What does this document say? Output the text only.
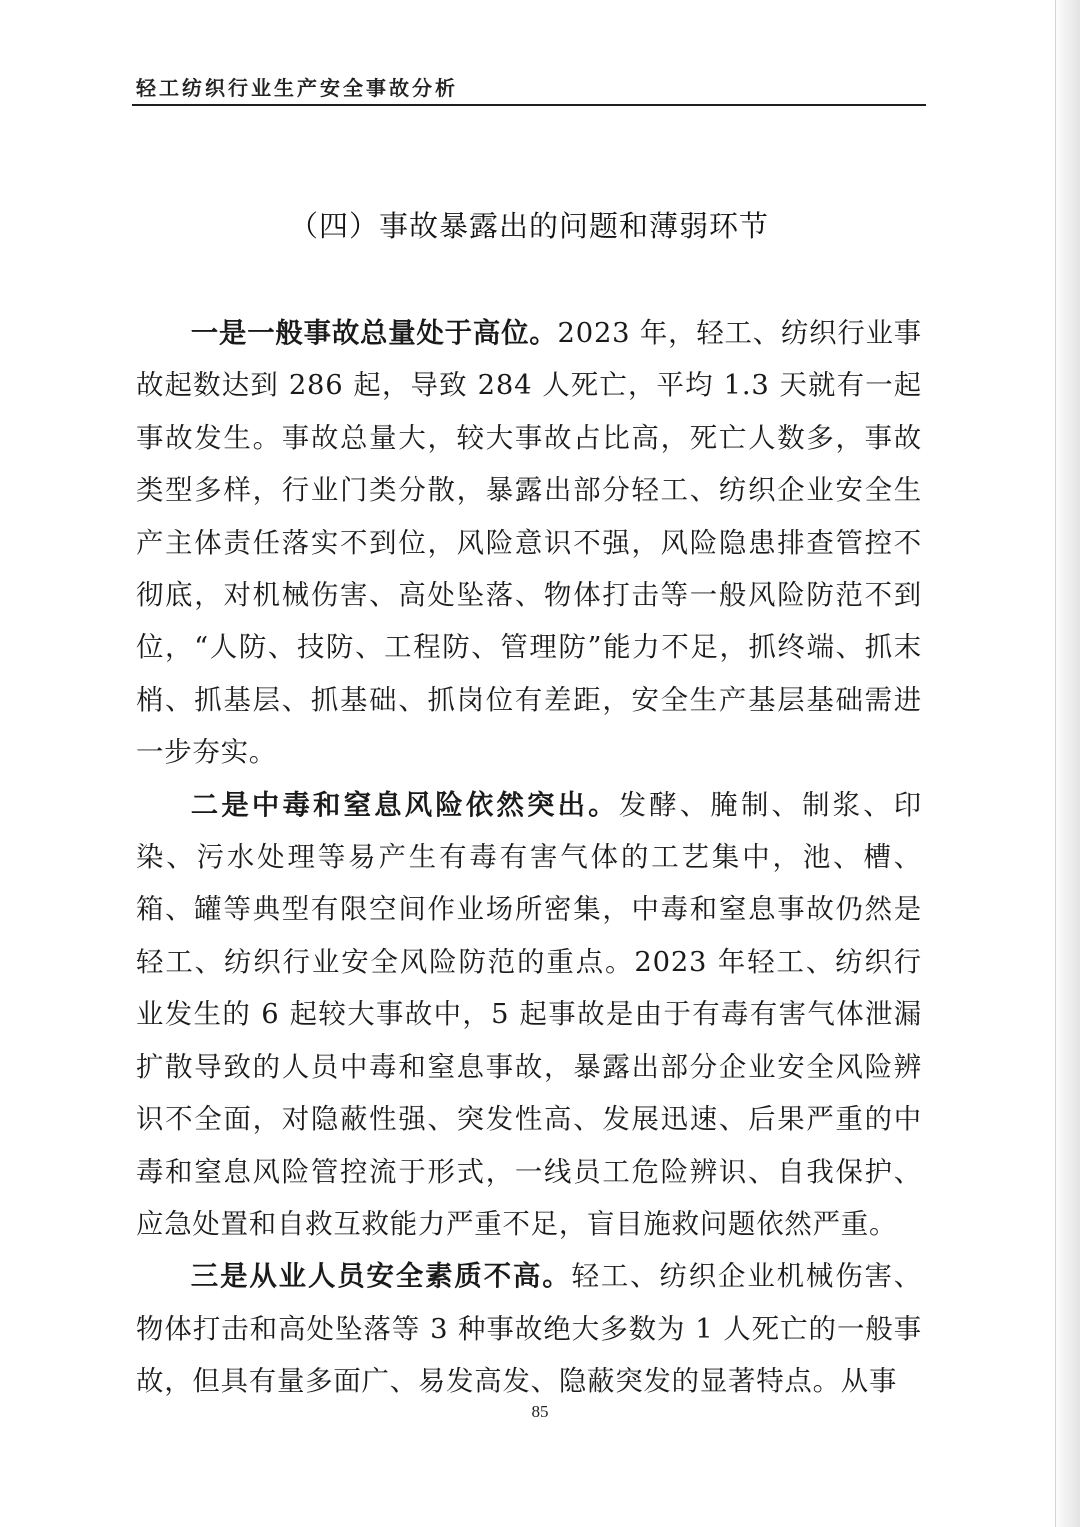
轻工纺织行业生产安全事故分析
（四）事故暴露出的问题和薄弱环节

一是一般事故总量处于高位。2023 年，轻工、纺织行业事故起数达到 286 起，导致 284 人死亡，平均 1.3 天就有一起事故发生。事故总量大，较大事故占比高，死亡人数多，事故类型多样，行业门类分散，暴露出部分轻工、纺织企业安全生产主体责任落实不到位，风险意识不强，风险隐患排查管控不彻底，对机械伤害、高处坠落、物体打击等一般风险防范不到位，“人防、技防、工程防、管理防”能力不足，抓终端、抓末梢、抓基层、抓基础、抓岗位有差距，安全生产基层基础需进一步夯实。

二是中毒和窒息风险依然突出。发酵、腌制、制浆、印染、污水处理等易产生有毒有害气体的工艺集中，池、槽、箱、罐等典型有限空间作业场所密集，中毒和窒息事故仍然是轻工、纺织行业安全风险防范的重点。2023 年轻工、纺织行业发生的 6 起较大事故中，5 起事故是由于有毒有害气体泄漏扩散导致的人员中毒和窒息事故，暴露出部分企业安全风险辨识不全面，对隐蔽性强、突发性高、发展迅速、后果严重的中毒和窒息风险管控流于形式，一线员工危险辨识、自我保护、应急处置和自救互救能力严重不足，盲目施救问题依然严重。

三是从业人员安全素质不高。轻工、纺织企业机械伤害、物体打击和高处坠落等 3 种事故绝大多数为 1 人死亡的一般事故，但具有量多面广、易发高发、隐蔽突发的显著特点。从事

85
